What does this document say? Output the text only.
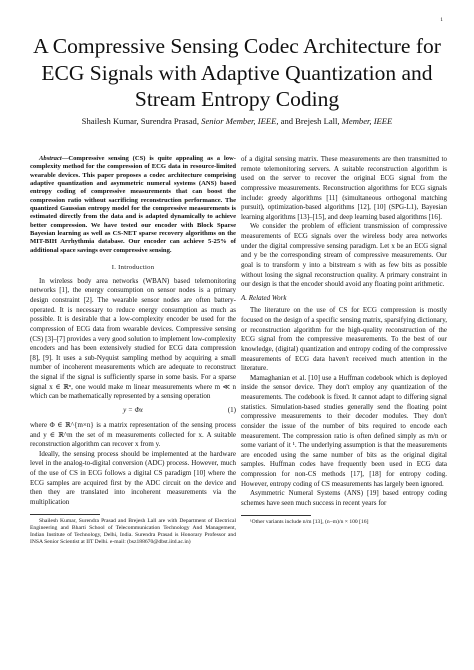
1
A Compressive Sensing Codec Architecture for ECG Signals with Adaptive Quantization and Stream Entropy Coding
Shailesh Kumar, Surendra Prasad, Senior Member, IEEE, and Brejesh Lall, Member, IEEE

Abstract—Compressive sensing (CS) is quite appealing as a low-complexity method for the compression of ECG data in resource-limited wearable devices. This paper proposes a codec architecture comprising adaptive quantization and asymmetric numeral systems (ANS) based entropy coding of compressive measurements that can boost the compression ratio without sacrificing reconstruction performance. The quantized Gaussian entropy model for the compressive measurements is estimated directly from the data and is adapted dynamically to achieve better compression. We have tested our encoder with Block Sparse Bayesian learning as well as CS-NET sparse recovery algorithms on the MIT-BIH Arrhythmia database. Our encoder can achieve 5-25% of additional space savings over compressive sensing.

I. Introduction

In wireless body area networks (WBAN) based telemonitoring networks [1], the energy consumption on sensor nodes is a primary design constraint [2]. The wearable sensor nodes are often battery-operated. It is necessary to reduce energy consumption as much as possible. It is desirable that a low-complexity encoder be used for the compression of ECG data from wearable devices. Compressive sensing (CS) [3]–[7] provides a very good solution to implement low-complexity encoders and has been extensively studied for ECG data compression [8], [9]. It uses a sub-Nyquist sampling method by acquiring a small number of incoherent measurements which are adequate to reconstruct the signal if the signal is sufficiently sparse in some basis. For a sparse signal x ∈ ℝⁿ, one would make m linear measurements where m ≪ n which can be mathematically represented by a sensing operation

y = Φx	(1)

where Φ ∈ ℝ^{m×n} is a matrix representation of the sensing process and y ∈ ℝ^m the set of m measurements collected for x. A suitable reconstruction algorithm can recover x from y.

Ideally, the sensing process should be implemented at the hardware level in the analog-to-digital conversion (ADC) process. However, much of the use of CS in ECG follows a digital CS paradigm [10] where the ECG samples are acquired first by the ADC circuit on the device and then they are translated into incoherent measurements via the multiplication

Shailesh Kumar, Surendra Prasad and Brejesh Lall are with Department of Electrical Engineering and Bharti School of Telecommunication Technology And Management, Indian Institute of Technology, Delhi, India. Surendra Prasad is Honorary Professor and INSA Senior Scientist at IIT Delhi. e-mail: (bsz188670@dbst.iitd.ac.in)

of a digital sensing matrix. These measurements are then transmitted to remote telemonitoring servers. A suitable reconstruction algorithm is used on the server to recover the original ECG signal from the compressive measurements. Reconstruction algorithms for ECG signals include: greedy algorithms [11] (simultaneous orthogonal matching pursuit), optimization-based algorithms [12], [10] (SPG-L1), Bayesian learning algorithms [13]–[15], and deep learning based algorithms [16].

We consider the problem of efficient transmission of compressive measurements of ECG signals over the wireless body area networks under the digital compressive sensing paradigm. Let x be an ECG signal and y be the corresponding stream of compressive measurements. Our goal is to transform y into a bitstream s with as few bits as possible without losing the signal reconstruction quality. A primary constraint in our design is that the encoder should avoid any floating point arithmetic.

A. Related Work

The literature on the use of CS for ECG compression is mostly focused on the design of a specific sensing matrix, sparsifying dictionary, or reconstruction algorithm for the high-quality reconstruction of the ECG signal from the compressive measurements. To the best of our knowledge, (digital) quantization and entropy coding of the compressive measurements of ECG data haven't received much attention in the literature.

Mamaghanian et al. [10] use a Huffman codebook which is deployed inside the sensor device. They don't employ any quantization of the measurements. The codebook is fixed. It cannot adapt to differing signal statistics. Simulation-based studies generally send the floating point compressive measurements to their decoder modules. They don't consider the issue of the number of bits required to encode each measurement. The compression ratio is often defined simply as m/n or some variant of it ¹. The underlying assumption is that the measurements are encoded using the same number of bits as the original digital samples. Huffman codes have frequently been used in ECG data compression for non-CS methods [17], [18] for entropy coding. However, entropy coding of CS measurements has largely been ignored.

Asymmetric Numeral Systems (ANS) [19] based entropy coding schemes have seen much success in recent years for

¹Other variants include n/m [13], (n−m)/n × 100 [16]
